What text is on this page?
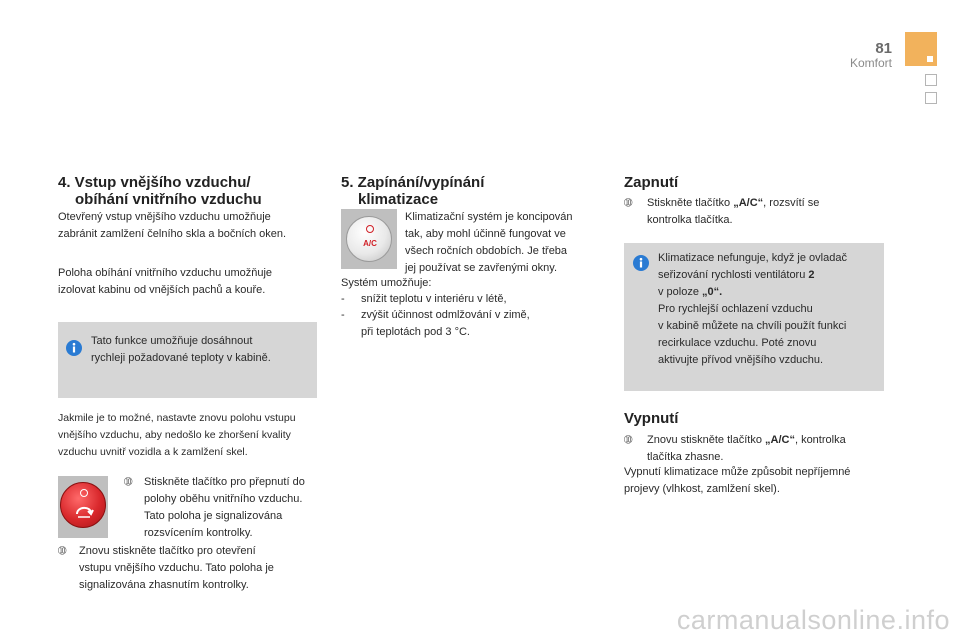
81
Komfort
4. Vstup vnějšího vzduchu/
obíhání vnitřního vzduchu
Otevřený vstup vnějšího vzduchu umožňuje
zabránit zamlžení čelního skla a bočních oken.
Poloha obíhání vnitřního vzduchu umožňuje
izolovat kabinu od vnějších pachů a kouře.
Tato funkce umožňuje dosáhnout
rychleji požadované teploty v kabině.
Jakmile je to možné, nastavte znovu polohu vstupu
vnějšího vzduchu, aby nedošlo ke zhoršení kvality
vzduchu uvnitř vozidla a k zamlžení skel.
➉ Stiskněte tlačítko pro přepnutí do
polohy oběhu vnitřního vzduchu.
Tato poloha je signalizována
rozsvícením kontrolky.
➉ Znovu stiskněte tlačítko pro otevření
vstupu vnějšího vzduchu. Tato poloha je
signalizována zhasnutím kontrolky.
5. Zapínání/vypínání
klimatizace
A/C
Klimatizační systém je koncipován
tak, aby mohl účinně fungovat ve
všech ročních obdobích. Je třeba
jej používat se zavřenými okny.
Systém umožňuje:
-	snížit teplotu v interiéru v létě,
- zvýšit účinnost odmlžování v zimě,
při teplotách pod 3 °C.
Zapnutí
➉ Stiskněte tlačítko „A/C“, rozsvítí se
kontrolka tlačítka.
Klimatizace nefunguje, když je ovladač
seřizování rychlosti ventilátoru 2
v poloze „0“.
Pro rychlejší ochlazení vzduchu
v kabině můžete na chvíli použít funkci
recirkulace vzduchu. Poté znovu
aktivujte přívod vnějšího vzduchu.
Vypnutí
➉ Znovu stiskněte tlačítko „A/C“, kontrolka
tlačítka zhasne.
Vypnutí klimatizace může způsobit nepříjemné
projevy (vlhkost, zamlžení skel).
carmanualsonline.info
